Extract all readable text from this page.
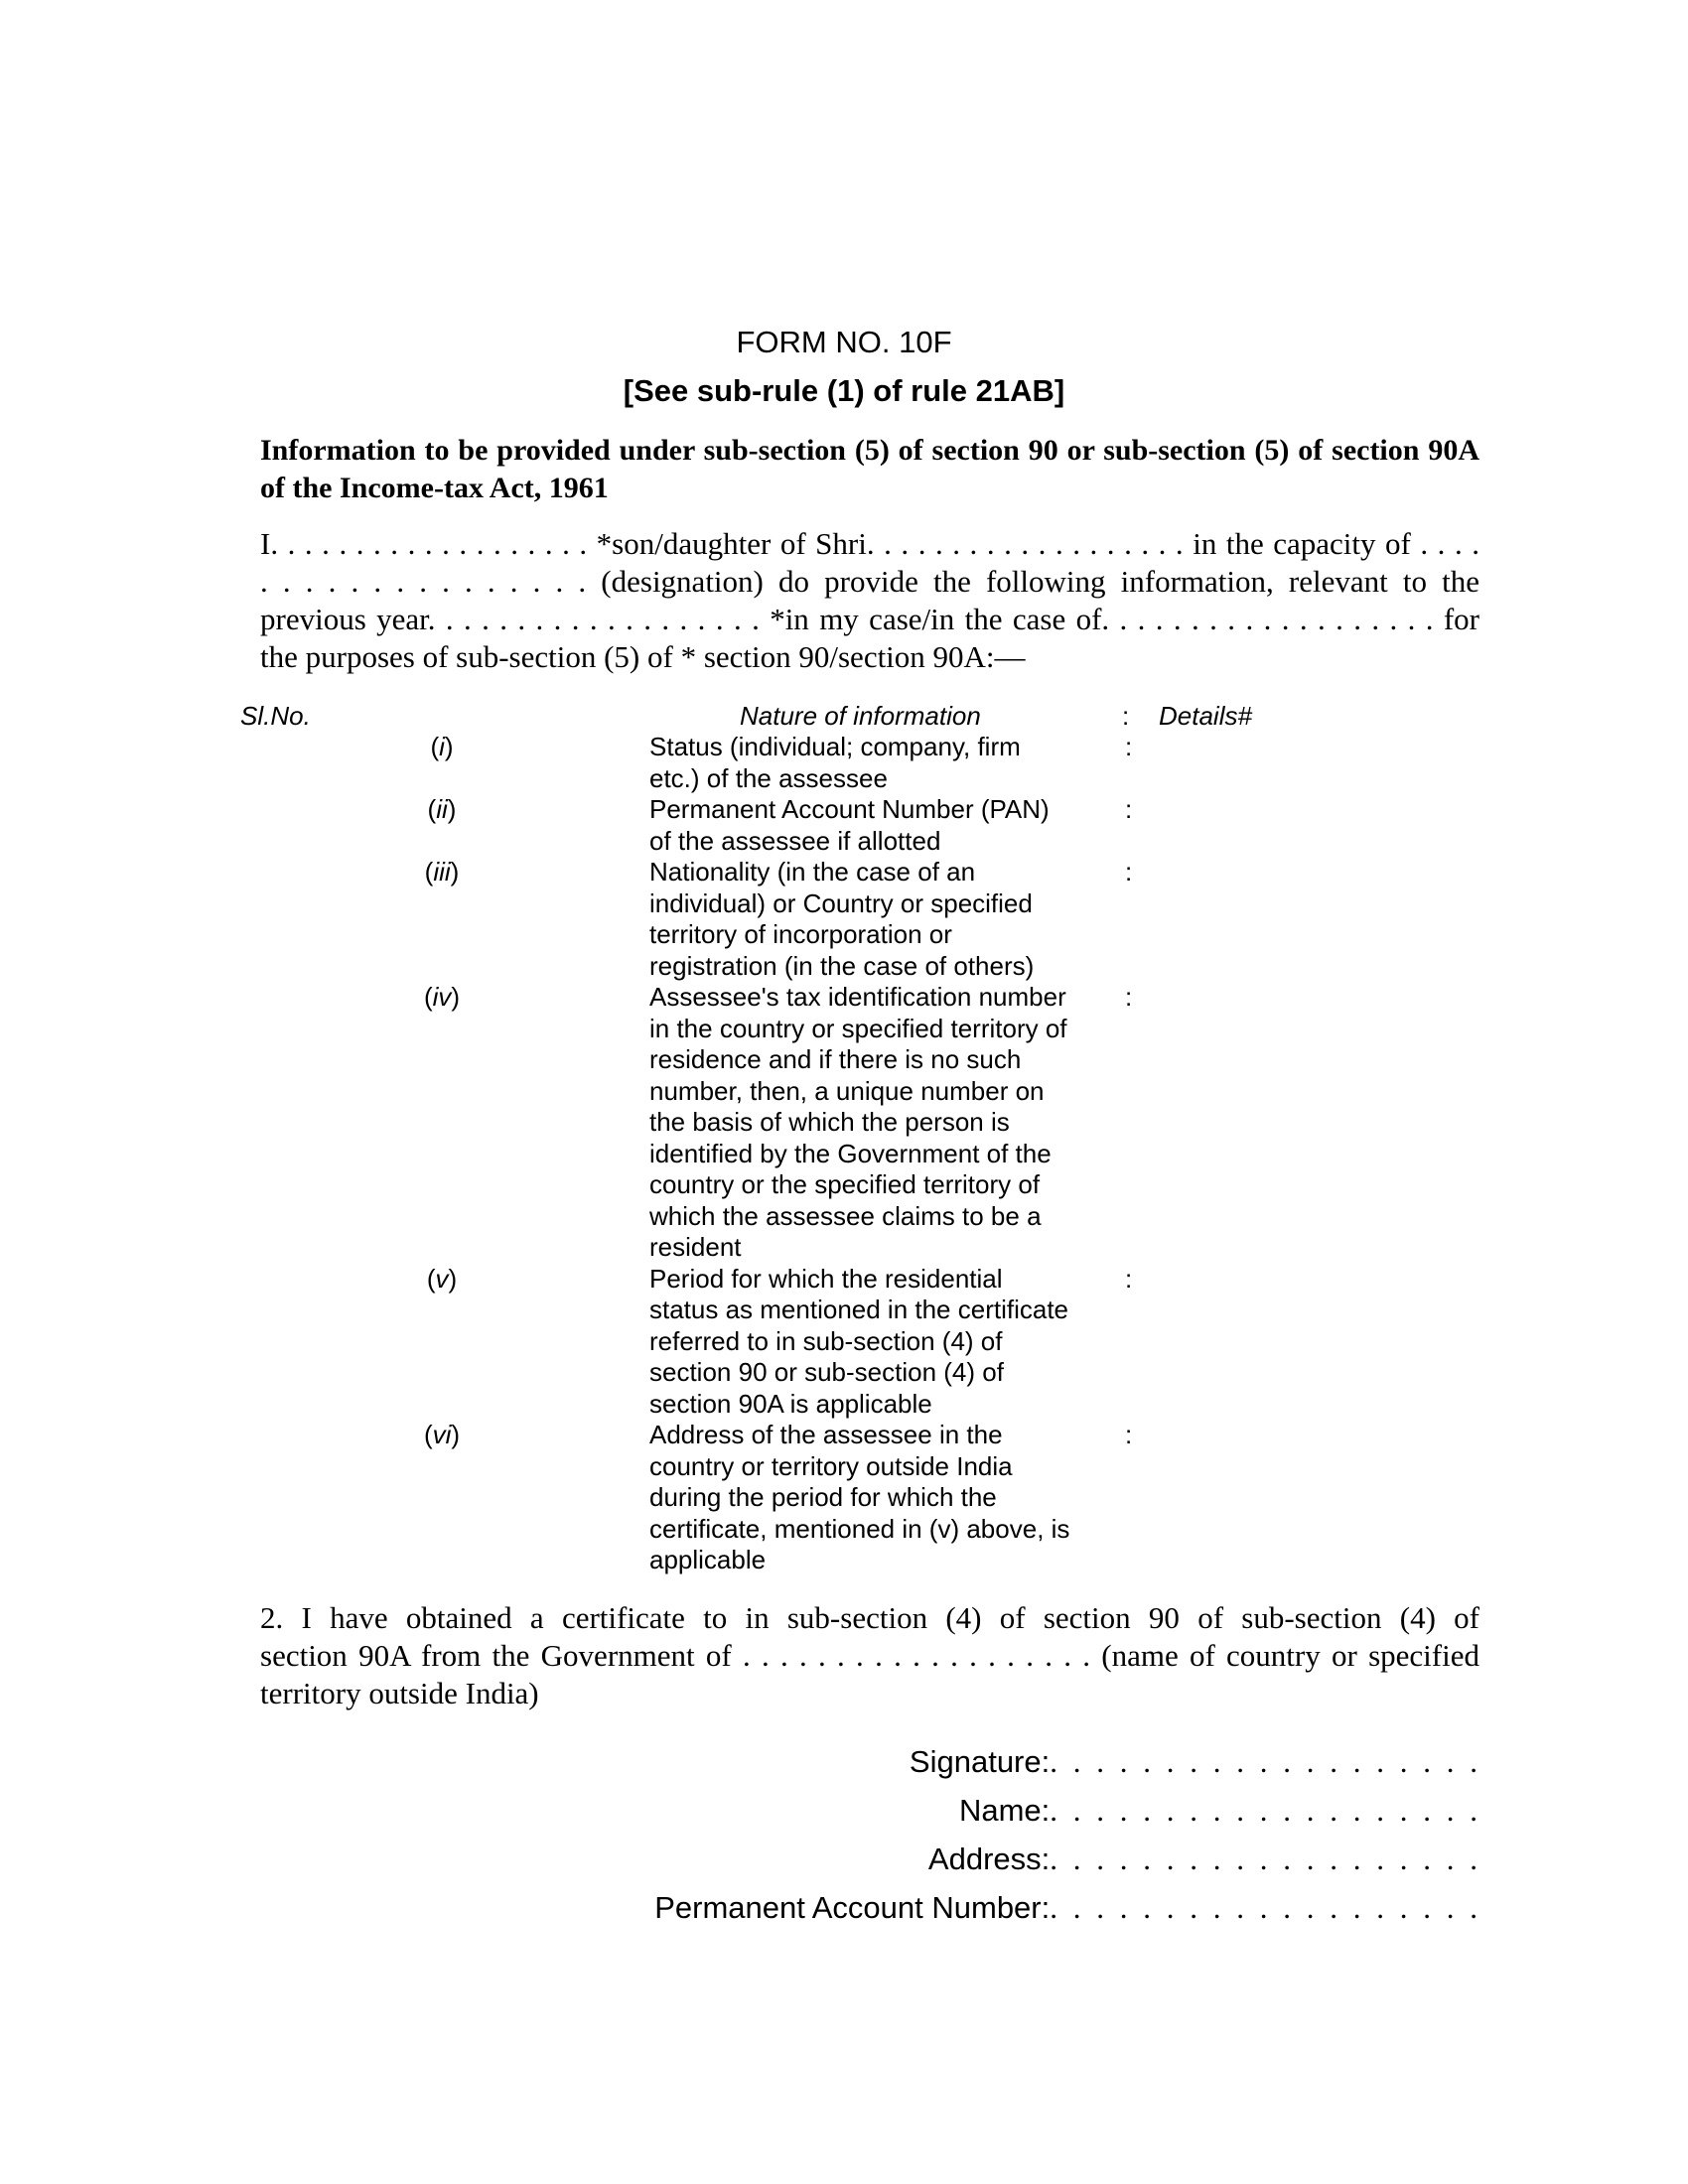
FORM NO. 10F
[See sub-rule (1) of rule 21AB]
Information to be provided under sub-section (5) of section 90 or sub-section (5) of section 90A of the Income-tax Act, 1961
I. . . . . . . . . . . . . . . . . . . *son/daughter of Shri. . . . . . . . . . . . . . . . . . . in the capacity of . . . .
. . . . . . . . . . . . . . . (designation) do provide the following information, relevant to the
previous year. . . . . . . . . . . . . . . . . . . *in my case/in the case of. . . . . . . . . . . . . . . . . . . for
the purposes of sub-section (5) of * section 90/section 90A:—
Sl.No.	Nature of information	: Details#
(i)	Status (individual; company, firm
etc.) of the assessee
:
(ii)	Permanent Account Number (PAN)
of the assessee if allotted
:
(iii)	Nationality (in the case of an
individual) or Country or specified
territory of incorporation or
registration (in the case of others)
:
(iv)	Assessee's tax identification number
in the country or specified territory of
residence and if there is no such
number, then, a unique number on
the basis of which the person is
identified by the Government of the
country or the specified territory of
which the assessee claims to be a
resident
:
(v)	Period for which the residential
status as mentioned in the certificate
referred to in sub-section (4) of
section 90 or sub-section (4) of
section 90A is applicable
:
(vi)	Address of the assessee in the
country or territory outside India
during the period for which the
certificate, mentioned in (v) above, is
applicable
:
2. I have obtained a certificate to in sub-section (4) of section 90 of sub-section (4) of
section 90A from the Government of . . . . . . . . . . . . . . . . . . . (name of country or specified
territory outside India)
Signature: . . . . . . . . . . . . . . . . . . .
Name: . . . . . . . . . . . . . . . . . . .
Address: . . . . . . . . . . . . . . . . . . .
Permanent Account Number: . . . . . . . . . . . . . . . . . . .
